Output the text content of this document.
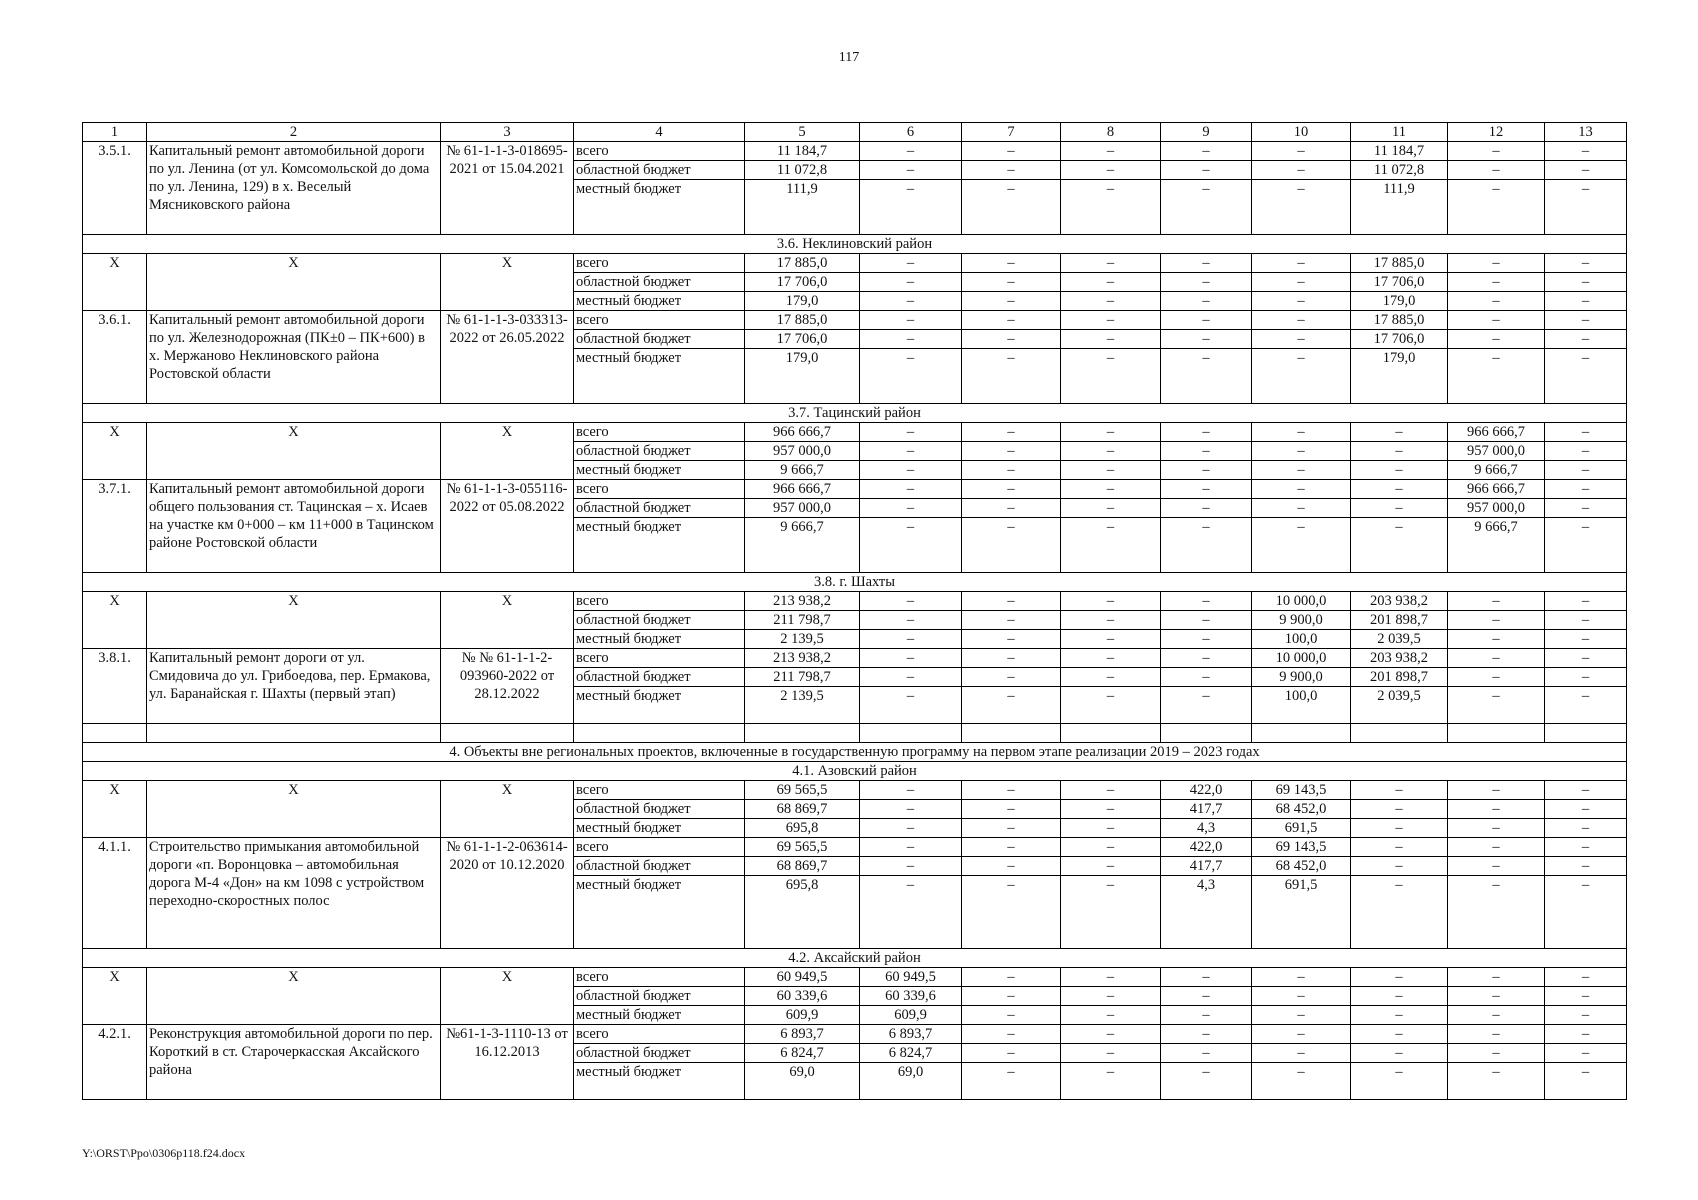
117
1	2	3	4	5	6	7	8	9	10	11	12	13
3.5.1.	Капитальный ремонт автомобильной дороги по ул. Ленина (от ул. Комсомольской до дома по ул. Ленина, 129) в х. Веселый Мясниковского района	№ 61-1-1-3-018695-2021 от 15.04.2021	всего	11 184,7	–	–	–	–	–	11 184,7	–	–
			областной бюджет	11 072,8	–	–	–	–	–	11 072,8	–	–
			местный бюджет	111,9	–	–	–	–	–	111,9	–	–
3.6. Неклиновский район												
Х	Х	Х	всего	17 885,0	–	–	–	–	–	17 885,0	–	–
			областной бюджет	17 706,0	–	–	–	–	–	17 706,0	–	–
			местный бюджет	179,0	–	–	–	–	–	179,0	–	–
3.6.1.	Капитальный ремонт автомобильной дороги по ул. Железнодорожная (ПК±0 – ПК+600) в х. Мержаново Неклиновского района Ростовской области	№ 61-1-1-3-033313-2022 от 26.05.2022	всего	17 885,0	–	–	–	–	–	17 885,0	–	–
			областной бюджет	17 706,0	–	–	–	–	–	17 706,0	–	–
			местный бюджет	179,0	–	–	–	–	–	179,0	–	–
3.7. Тацинский район												
Х	Х	Х	всего	966 666,7	–	–	–	–	–	–	966 666,7	–
			областной бюджет	957 000,0	–	–	–	–	–	–	957 000,0	–
			местный бюджет	9 666,7	–	–	–	–	–	–	9 666,7	–
3.7.1.	Капитальный ремонт автомобильной дороги общего пользования ст. Тацинская – х. Исаев на участке км 0+000 – км 11+000 в Тацинском районе Ростовской области	№ 61-1-1-3-055116-2022 от 05.08.2022	всего	966 666,7	–	–	–	–	–	–	966 666,7	–
			областной бюджет	957 000,0	–	–	–	–	–	–	957 000,0	–
			местный бюджет	9 666,7	–	–	–	–	–	–	9 666,7	–
3.8. г. Шахты												
Х	Х	Х	всего	213 938,2	–	–	–	–	10 000,0	203 938,2	–	–
			областной бюджет	211 798,7	–	–	–	–	9 900,0	201 898,7	–	–
			местный бюджет	2 139,5	–	–	–	–	100,0	2 039,5	–	–
3.8.1.	Капитальный ремонт дороги от ул. Смидовича до ул. Грибоедова, пер. Ермакова, ул. Баранайская г. Шахты (первый этап)	№ № 61-1-1-2-093960-2022 от 28.12.2022	всего	213 938,2	–	–	–	–	10 000,0	203 938,2	–	–
			областной бюджет	211 798,7	–	–	–	–	9 900,0	201 898,7	–	–
			местный бюджет	2 139,5	–	–	–	–	100,0	2 039,5	–	–

4. Объекты вне региональных проектов, включенные в государственную программу на первом этапе реализации 2019 – 2023 годах												
4.1. Азовский район												
Х	Х	Х	всего	69 565,5	–	–	–	422,0	69 143,5	–	–	–
			областной бюджет	68 869,7	–	–	–	417,7	68 452,0	–	–	–
			местный бюджет	695,8	–	–	–	4,3	691,5	–	–	–
4.1.1.	Строительство примыкания автомобильной дороги «п. Воронцовка – автомобильная дорога М-4 «Дон» на км 1098 с устройством переходно-скоростных полос	№ 61-1-1-2-063614-2020 от 10.12.2020	всего	69 565,5	–	–	–	422,0	69 143,5	–	–	–
			областной бюджет	68 869,7	–	–	–	417,7	68 452,0	–	–	–
			местный бюджет	695,8	–	–	–	4,3	691,5	–	–	–
4.2. Аксайский район												
Х	Х	Х	всего	60 949,5	60 949,5	–	–	–	–	–	–	–
			областной бюджет	60 339,6	60 339,6	–	–	–	–	–	–	–
			местный бюджет	609,9	609,9	–	–	–	–	–	–	–
4.2.1.	Реконструкция автомобильной дороги по пер. Короткий в ст. Старочеркасская Аксайского района	№61-1-3-1110-13 от 16.12.2013	всего	6 893,7	6 893,7	–	–	–	–	–	–	–
			областной бюджет	6 824,7	6 824,7	–	–	–	–	–	–	–
			местный бюджет	69,0	69,0	–	–	–	–	–	–	–
Y:\ORST\Ppo\0306p118.f24.docx
